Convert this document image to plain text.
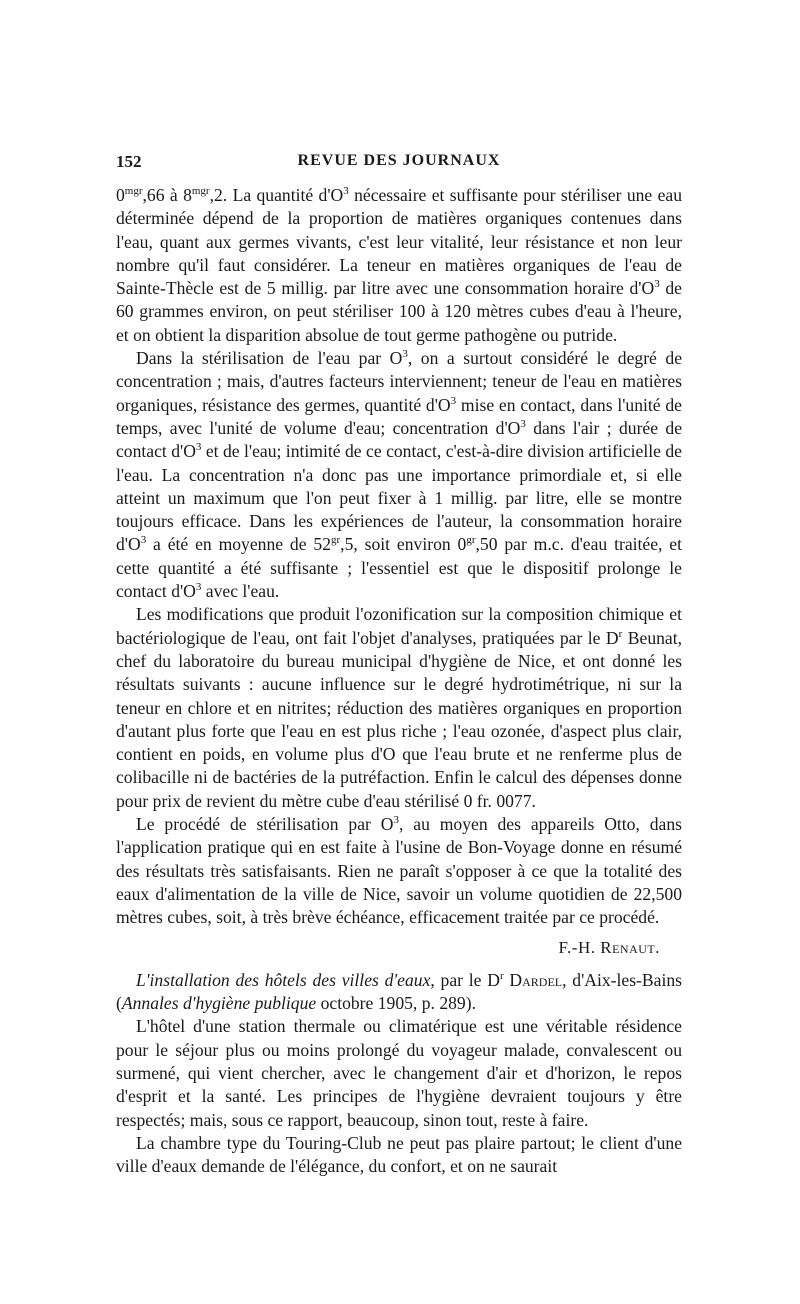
152	REVUE DES JOURNAUX

$0^{mgr},66$ à $8^{mgr},2$. La quantité $d'O^3$ nécessaire et suffisante pour stériliser une eau déterminée dépend de la proportion de matières organiques contenues dans l'eau, quant aux germes vivants, c'est leur vitalité, leur résistance et non leur nombre qu'il faut considérer. La teneur en matières organiques de l'eau de Sainte-Thècle est de 5 millig. par litre avec une consommation horaire $d'O^3$ de 60 grammes environ, on peut stériliser 100 à 120 mètres cubes d'eau à l'heure, et on obtient la disparition absolue de tout germe pathogène ou putride.

Dans la stérilisation de l'eau par $O^3$, on a surtout considéré le degré de concentration ; mais, d'autres facteurs interviennent; teneur de l'eau en matières organiques, résistance des germes, quantité $d'O^3$ mise en contact, dans l'unité de temps, avec l'unité de volume d'eau; concentration $d'O^3$ dans l'air ; durée de contact $d'O^3$ et de l'eau; intimité de ce contact, c'est-à-dire division artificielle de l'eau. La concentration n'a donc pas une importance primordiale et, si elle atteint un maximum que l'on peut fixer à 1 millig. par litre, elle se montre toujours efficace. Dans les expériences de l'auteur, la consommation horaire $d'O^3$ a été en moyenne de $52^{gr},5$, soit environ $0^{gr},50$ par m.c. d'eau traitée, et cette quantité a été suffisante ; l'essentiel est que le dispositif prolonge le contact $d'O^3$ avec l'eau.

Les modifications que produit l'ozonification sur la composition chimique et bactériologique de l'eau, ont fait l'objet d'analyses, pratiquées par le $D^r$ Beunat, chef du laboratoire du bureau municipal d'hygiène de Nice, et ont donné les résultats suivants : aucune influence sur le degré hydrotimétrique, ni sur la teneur en chlore et en nitrites; réduction des matières organiques en proportion d'autant plus forte que l'eau en est plus riche ; l'eau ozonée, d'aspect plus clair, contient en poids, en volume plus d'O que l'eau brute et ne renferme plus de colibacille ni de bactéries de la putréfaction. Enfin le calcul des dépenses donne pour prix de revient du mètre cube d'eau stérilisé 0 fr. 0077.

Le procédé de stérilisation par $O^3$, au moyen des appareils Otto, dans l'application pratique qui en est faite à l'usine de Bon-Voyage donne en résumé des résultats très satisfaisants. Rien ne paraît s'opposer à ce que la totalité des eaux d'alimentation de la ville de Nice, savoir un volume quotidien de 22,500 mètres cubes, soit, à très brève échéance, efficacement traitée par ce procédé.

F.-H. Renaut.

L'installation des hôtels des villes d'eaux, par le $D^r$ Dardel, d'Aix-les-Bains (Annales d'hygiène publique octobre 1905, p. 289).

L'hôtel d'une station thermale ou climatérique est une véritable résidence pour le séjour plus ou moins prolongé du voyageur malade, convalescent ou surmené, qui vient chercher, avec le changement d'air et d'horizon, le repos d'esprit et la santé. Les principes de l'hygiène devraient toujours y être respectés; mais, sous ce rapport, beaucoup, sinon tout, reste à faire.

La chambre type du Touring-Club ne peut pas plaire partout; le client d'une ville d'eaux demande de l'élégance, du confort, et on ne saurait
